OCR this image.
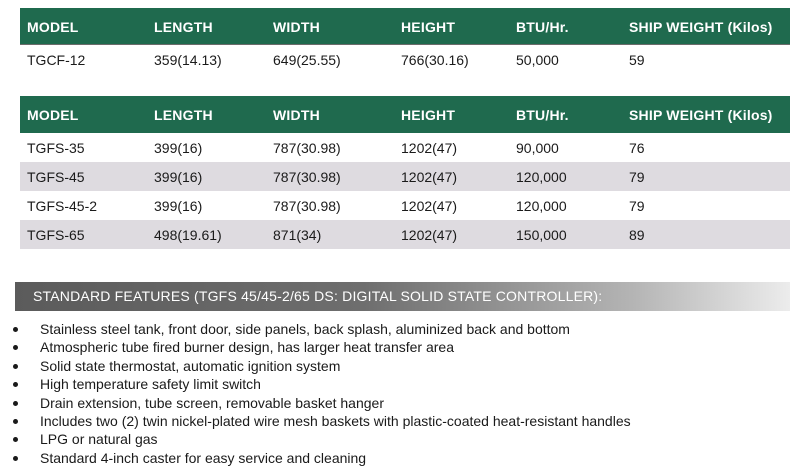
MODEL	LENGTH	WIDTH	HEIGHT	BTU/Hr.	SHIP WEIGHT (Kilos)
TGCF-12	359(14.13)	649(25.55)	766(30.16)	50,000	59
MODEL	LENGTH	WIDTH	HEIGHT	BTU/Hr.	SHIP WEIGHT (Kilos)
TGFS-35	399(16)	787(30.98)	1202(47)	90,000	76
TGFS-45	399(16)	787(30.98)	1202(47)	120,000	79
TGFS-45-2	399(16)	787(30.98)	1202(47)	120,000	79
TGFS-65	498(19.61)	871(34)	1202(47)	150,000	89
STANDARD FEATURES (TGFS 45/45-2/65 DS: DIGITAL SOLID STATE CONTROLLER):
Stainless steel tank, front door, side panels, back splash, aluminized back and bottom
Atmospheric tube fired burner design, has larger heat transfer area
Solid state thermostat, automatic ignition system
High temperature safety limit switch
Drain extension, tube screen, removable basket hanger
Includes two (2) twin nickel-plated wire mesh baskets with plastic-coated heat-resistant handles
LPG or natural gas
Standard 4-inch caster for easy service and cleaning
